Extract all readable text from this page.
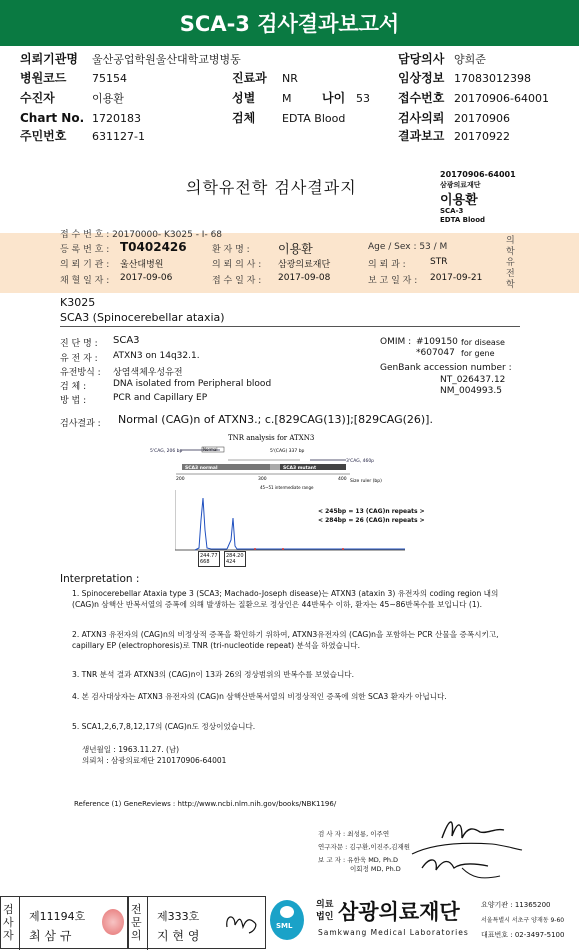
SCA-3 검사결과보고서
의뢰기관명 울산공업학원울산대학교병병동	담당의사 양희준
병원코드 75154	진료과 NR	임상정보 17083012398
수진자	이용환	성별 M	나이 53 접수번호 20170906-64001
Chart No. 1720183	검체 EDTA Blood	검사의뢰 20170906
주민번호 631127-1	결과보고 20170922
의학유전학 검사결과지
20170906-64001
삼광의료재단
이용환
SCA-3
EDTA Blood
접 수 번 호 : 20170000- K3025 - I- 68
등 록 번 호 : T0402426	환 자 명 : 이용환	Age / Sex : 53 / M
의 뢰 기 관 : 울산대병원	의 뢰 의 사 : 삼광의료재단	의 뢰 과 :	STR
채 혈 일 자 : 2017-09-06	접 수 일 자 : 2017-09-08	보 고 일 자 : 2017-09-21
의학유전학
K3025
SCA3 (Spinocerebellar ataxia)
진 단 명 : SCA3
유 전 자 : ATXN3 on 14q32.1.
유전방식 : 상염색체우성유전
검 체 :	DNA isolated from Peripheral blood
방 법 :	PCR and Capillary EP
OMIM : #109150 for disease
*607047 for gene
GenBank accession number :
NT_026437.12
NM_004993.5
검사결과 : Normal (CAG)n of ATXN3.; c.[829CAG(13)];[829CAG(26)].
TNR analysis for ATXN3
5'CAG, 206 bp	Normal	5'(CAG) 337 bp
3'CAG, 460p
SCA3 normal	SCA3 mutant
200	300	400 Size ruler (bp)
45~51 intermediate range
< 245bp = 13 (CAG)n repeats >
< 284bp = 26 (CAG)n repeats >
244.77
668
284.20
424
Interpretation :

1. Spinocerebellar Ataxia type 3 (SCA3; Machado-Joseph disease)는 ATXN3 (ataxin 3) 유전자의 coding region 내의 (CAG)n 삼핵산 반복서열의 증폭에 의해 발생하는 질환으로 정상인은 44반복수 이하, 환자는 45~86반복수를 보입니다 (1).

2. ATXN3 유전자의 (CAG)n의 비정상적 증폭을 확인하기 위하여, ATXN3유전자의 (CAG)n을 포함하는 PCR 산물을 증폭시키고, capillary EP (electrophoresis)로 TNR (tri-nucleotide repeat) 분석을 하였습니다.

3. TNR 분석 결과 ATXN3의 (CAG)n이 13과 26의 정상범위의 반복수를 보였습니다.

4. 본 검사대상자는 ATXN3 유전자의 (CAG)n 삼핵산반복서열의 비정상적인 증폭에 의한 SCA3 환자가 아닙니다.

5. SCA1,2,6,7,8,12,17의 (CAG)n도 정상이었습니다.

생년월일 : 1963.11.27. (남)
의뢰처 : 삼광의료재단 210170906-64001
Reference (1) GeneReviews : http://www.ncbi.nlm.nih.gov/books/NBK1196/
검 사 자 : 최성룡, 이주연
연구자문 : 김구환,이진주,김재원
보 고 자 : 유한욱 MD, Ph.D
이회정 MD, Ph.D
검사자
제11194호
최 삼 규
전문의
제333호
지 현 영
SML
의료
법인 삼광의료재단
Samkwang Medical Laboratories
요양기관 : 11365200
서울특별시 서초구 양재동 9-60
대표번호 : 02-3497-5100
